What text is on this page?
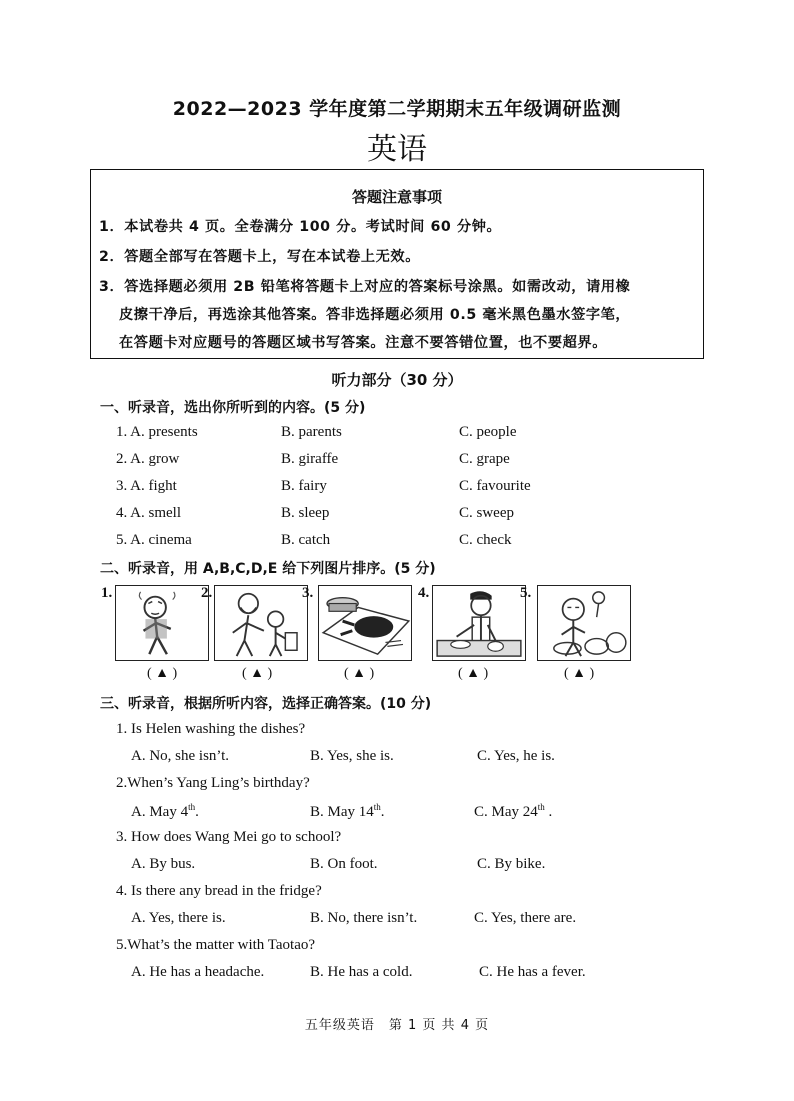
2022—2023 学年度第二学期期末五年级调研监测
英语
答题注意事项
1．本试卷共 4 页。全卷满分 100 分。考试时间 60 分钟。
2．答题全部写在答题卡上，写在本试卷上无效。
3．答选择题必须用 2B 铅笔将答题卡上对应的答案标号涂黑。如需改动，请用橡
皮擦干净后，再选涂其他答案。答非选择题必须用 0.5 毫米黑色墨水签字笔，
在答题卡对应题号的答题区域书写答案。注意不要答错位置，也不要超界。
听力部分（30 分）
一、听录音，选出你所听到的内容。(5 分)
1. A. presents	B. parents	C. people
2. A. grow	B. giraffe	C. grape
3. A. fight	B. fairy	C. favourite
4. A. smell	B. sleep	C. sweep
5. A. cinema	B. catch	C. check
二、听录音，用 A,B,C,D,E 给下列图片排序。(5 分)
1.
( ▲ )
2.
( ▲ )
3.
( ▲ )
4.
( ▲ )
5.
( ▲ )
三、听录音，根据所听内容，选择正确答案。(10 分)
1. Is Helen washing the dishes?
A. No, she isn’t.	B. Yes, she is.	C. Yes, he is.
2.When’s Yang Ling’s birthday?
A. May 4th.	B. May 14th.	C. May 24th .
3. How does Wang Mei go to school?
A. By bus.	B. On foot.	C. By bike.
4. Is there any bread in the fridge?
A. Yes, there is.	B. No, there isn’t.	C. Yes, there are.
5.What’s the matter with Taotao?
A. He has a headache.	B. He has a cold.	C. He has a fever.
五年级英语　第 1 页 共 4 页
